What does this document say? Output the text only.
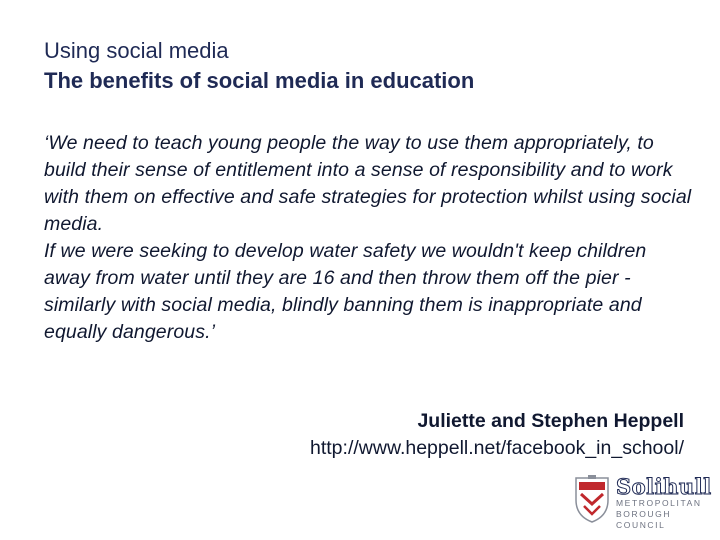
Using social media
The benefits of social media in education

‘We need to teach young people the way to use them appropriately, to build their sense of entitlement into a sense of responsibility and to work with them on effective and safe strategies for protection whilst using social media.

If we were seeking to develop water safety we wouldn't keep children away from water until they are 16 and then throw them off the pier - similarly with social media, blindly banning them is inappropriate and equally dangerous.’

Juliette and Stephen Heppell
http://www.heppell.net/facebook_in_school/
Solihull
METROPOLITAN
BOROUGH COUNCIL
